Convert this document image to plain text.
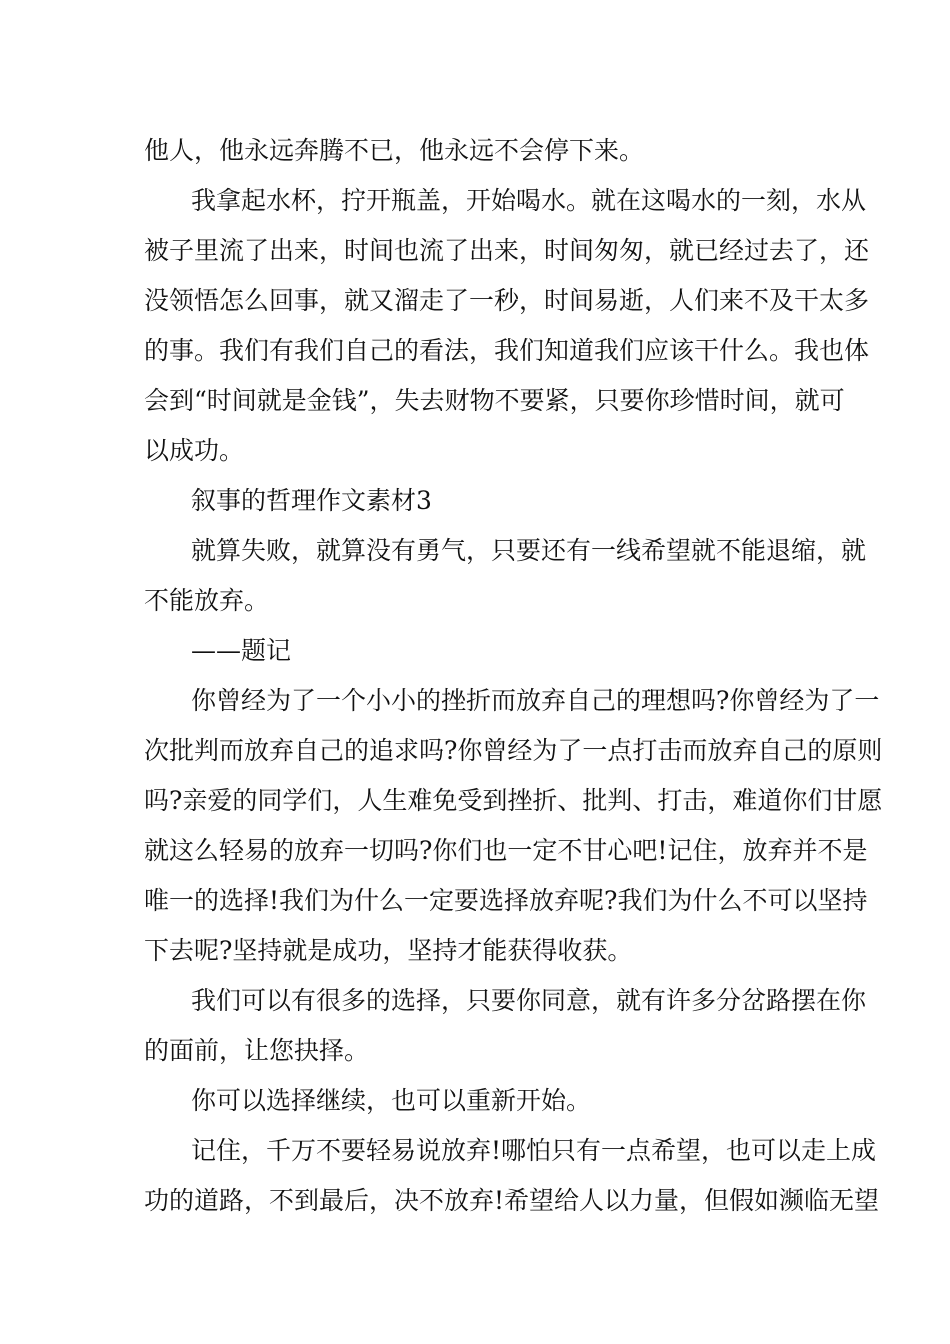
他人，他永远奔腾不已，他永远不会停下来。
我拿起水杯，拧开瓶盖，开始喝水。就在这喝水的一刻，水从
被子里流了出来，时间也流了出来，时间匆匆，就已经过去了，还
没领悟怎么回事，就又溜走了一秒，时间易逝，人们来不及干太多
的事。我们有我们自己的看法，我们知道我们应该干什么。我也体
会到“时间就是金钱”，失去财物不要紧，只要你珍惜时间，就可
以成功。
叙事的哲理作文素材3
就算失败，就算没有勇气，只要还有一线希望就不能退缩，就
不能放弃。
——题记
你曾经为了一个小小的挫折而放弃自己的理想吗?你曾经为了一
次批判而放弃自己的追求吗?你曾经为了一点打击而放弃自己的原则
吗?亲爱的同学们，人生难免受到挫折、批判、打击，难道你们甘愿
就这么轻易的放弃一切吗?你们也一定不甘心吧!记住，放弃并不是
唯一的选择!我们为什么一定要选择放弃呢?我们为什么不可以坚持
下去呢?坚持就是成功，坚持才能获得收获。
我们可以有很多的选择，只要你同意，就有许多分岔路摆在你
的面前，让您抉择。
你可以选择继续，也可以重新开始。
记住，千万不要轻易说放弃!哪怕只有一点希望，也可以走上成
功的道路，不到最后，决不放弃!希望给人以力量，但假如濒临无望
